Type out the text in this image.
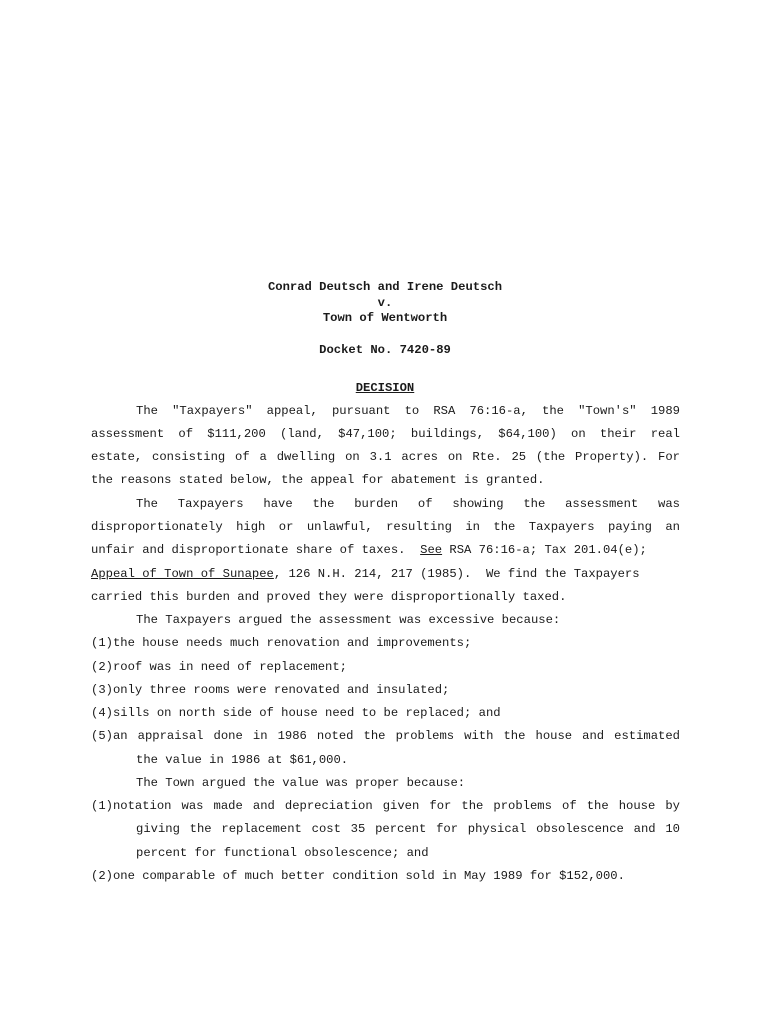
Conrad Deutsch and Irene Deutsch
v.
Town of Wentworth
Docket No. 7420-89
DECISION
The "Taxpayers" appeal, pursuant to RSA 76:16-a, the "Town's" 1989
assessment of $111,200 (land, $47,100; buildings, $64,100) on their real
estate, consisting of a dwelling on 3.1 acres on Rte. 25 (the Property). For
the reasons stated below, the appeal for abatement is granted.
The Taxpayers have the burden of showing the assessment was
disproportionately high or unlawful, resulting in the Taxpayers paying an
unfair and disproportionate share of taxes.  See RSA 76:16-a; Tax 201.04(e);
Appeal of Town of Sunapee, 126 N.H. 214, 217 (1985).  We find the Taxpayers
carried this burden and proved they were disproportionally taxed.
The Taxpayers argued the assessment was excessive because:
(1)the house needs much renovation and improvements;
(2)roof was in need of replacement;
(3)only three rooms were renovated and insulated;
(4)sills on north side of house need to be replaced; and
(5)an appraisal done in 1986 noted the problems with the house and estimated
the value in 1986 at $61,000.
The Town argued the value was proper because:
(1)notation was made and depreciation given for the problems of the house by
giving the replacement cost 35 percent for physical obsolescence and 10
percent for functional obsolescence; and
(2)one comparable of much better condition sold in May 1989 for $152,000.
